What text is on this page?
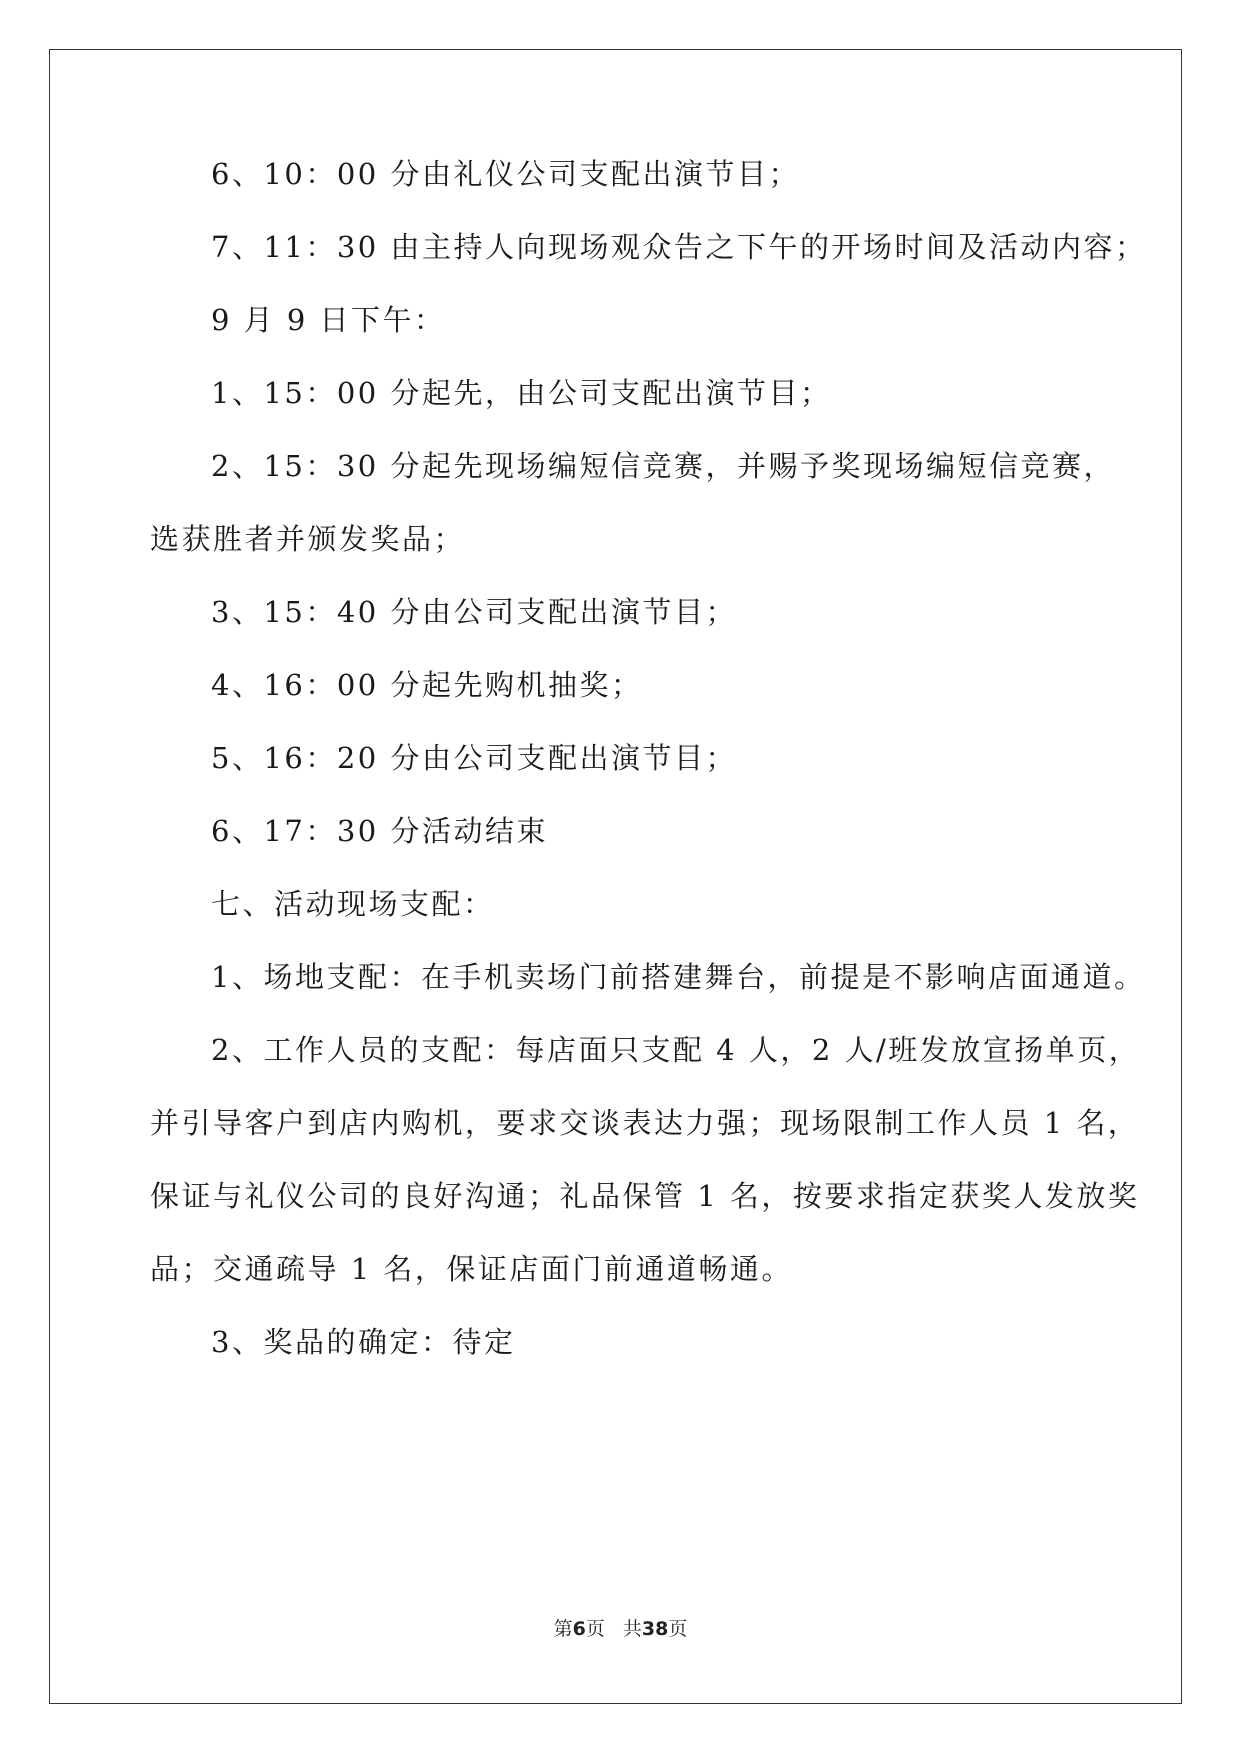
6、10：00 分由礼仪公司支配出演节目；

7、11：30 由主持人向现场观众告之下午的开场时间及活动内容；

9 月 9 日下午：

1、15：00 分起先，由公司支配出演节目；

2、15：30 分起先现场编短信竞赛，并赐予奖现场编短信竞赛，

选获胜者并颁发奖品；

3、15：40 分由公司支配出演节目；

4、16：00 分起先购机抽奖；

5、16：20 分由公司支配出演节目；

6、17：30 分活动结束

七、活动现场支配：

1、场地支配：在手机卖场门前搭建舞台，前提是不影响店面通道。

2、工作人员的支配：每店面只支配 4 人，2 人/班发放宣扬单页，

并引导客户到店内购机，要求交谈表达力强；现场限制工作人员 1 名，

保证与礼仪公司的良好沟通；礼品保管 1 名，按要求指定获奖人发放奖

品；交通疏导 1 名，保证店面门前通道畅通。

3、奖品的确定：待定

第6页 共38页
